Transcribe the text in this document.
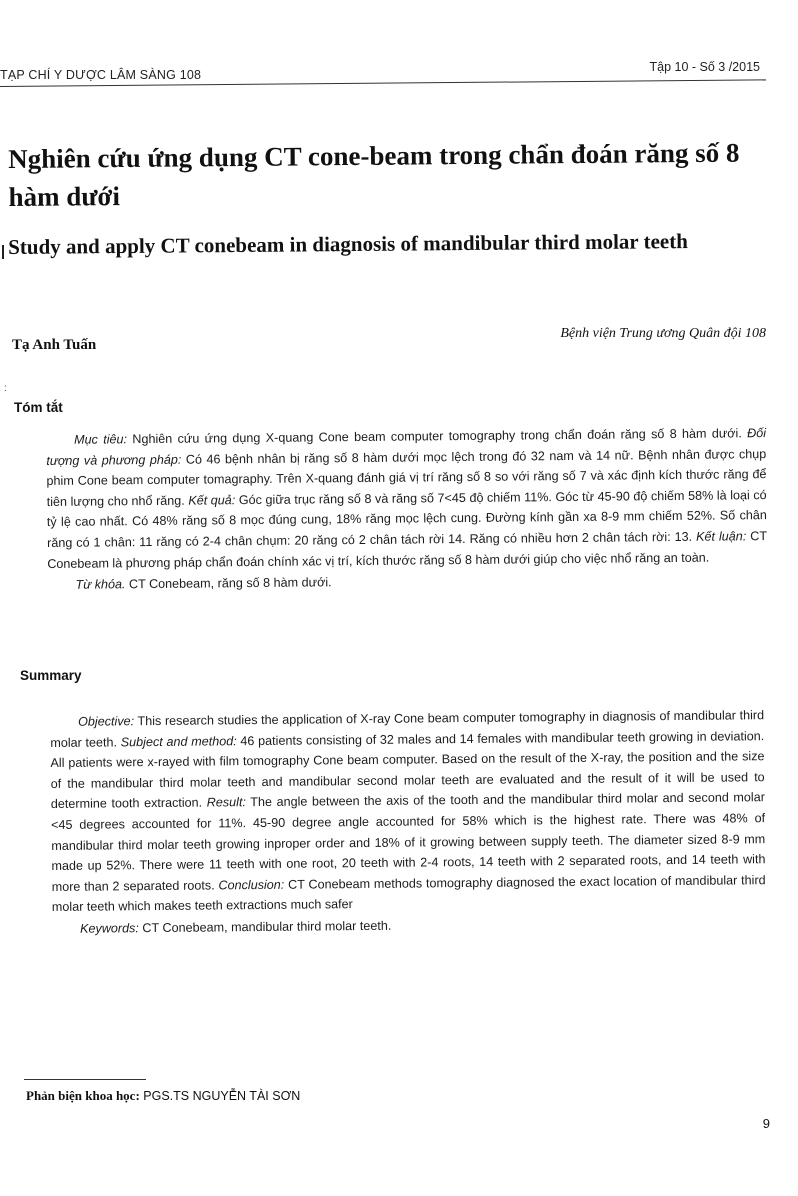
TẠP CHÍ Y DƯỢC LÂM SÀNG 108
Tập 10 - Số 3 /2015
Nghiên cứu ứng dụng CT cone-beam trong chẩn đoán răng số 8 hàm dưới
Study and apply CT conebeam in diagnosis of mandibular third molar teeth
Tạ Anh Tuấn
Bệnh viện Trung ương Quân đội 108
:
Tóm tắt

Mục tiêu: Nghiên cứu ứng dụng X-quang Cone beam computer tomography trong chẩn đoán răng số 8 hàm dưới. Đối tượng và phương pháp: Có 46 bệnh nhân bị răng số 8 hàm dưới mọc lệch trong đó 32 nam và 14 nữ. Bệnh nhân được chụp phim Cone beam computer tomagraphy. Trên X-quang đánh giá vị trí răng số 8 so với răng số 7 và xác định kích thước răng để tiên lượng cho nhổ răng. Kết quả: Góc giữa trục răng số 8 và răng số 7<45 độ chiếm 11%. Góc từ 45-90 độ chiếm 58% là loại có tỷ lệ cao nhất. Có 48% răng số 8 mọc đúng cung, 18% răng mọc lệch cung. Đường kính gần xa 8-9 mm chiếm 52%. Số chân răng có 1 chân: 11 răng có 2-4 chân chụm: 20 răng có 2 chân tách rời 14. Răng có nhiều hơn 2 chân tách rời: 13. Kết luận: CT Conebeam là phương pháp chẩn đoán chính xác vị trí, kích thước răng số 8 hàm dưới giúp cho việc nhổ răng an toàn.

Từ khóa. CT Conebeam, răng số 8 hàm dưới.

Summary

Objective: This research studies the application of X-ray Cone beam computer tomography in diagnosis of mandibular third molar teeth. Subject and method: 46 patients consisting of 32 males and 14 females with mandibular teeth growing in deviation. All patients were x-rayed with film tomography Cone beam computer. Based on the result of the X-ray, the position and the size of the mandibular third molar teeth and mandibular second molar teeth are evaluated and the result of it will be used to determine tooth extraction. Result: The angle between the axis of the tooth and the mandibular third molar and second molar <45 degrees accounted for 11%. 45-90 degree angle accounted for 58% which is the highest rate. There was 48% of mandibular third molar teeth growing inproper order and 18% of it growing between supply teeth. The diameter sized 8-9 mm made up 52%. There were 11 teeth with one root, 20 teeth with 2-4 roots, 14 teeth with 2 separated roots, and 14 teeth with more than 2 separated roots. Conclusion: CT Conebeam methods tomography diagnosed the exact location of mandibular third molar teeth which makes teeth extractions much safer

Keywords: CT Conebeam, mandibular third molar teeth.

Phản biện khoa học: PGS.TS NGUYỄN TÀI SƠN
9
